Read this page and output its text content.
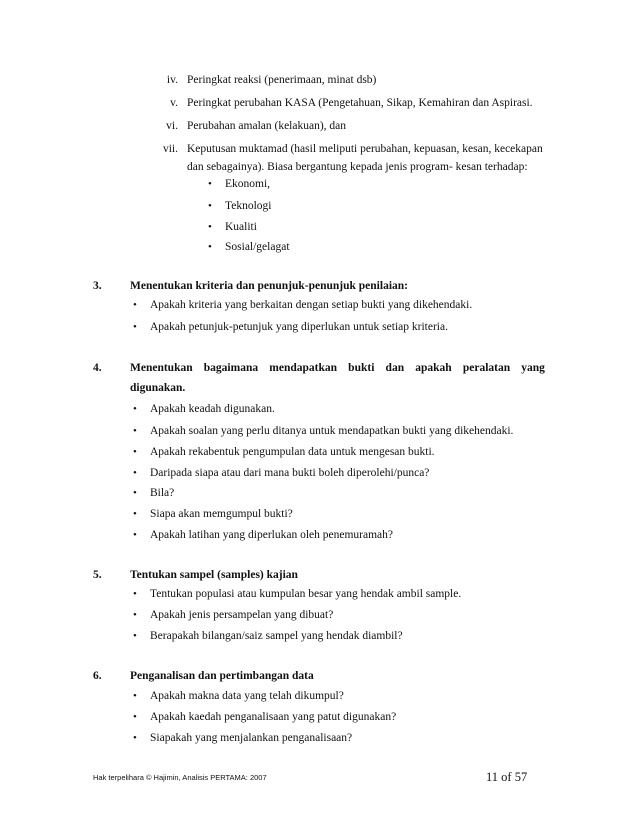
iv. Peringkat reaksi (penerimaan, minat dsb)
v. Peringkat perubahan KASA (Pengetahuan, Sikap, Kemahiran dan Aspirasi.
vi. Perubahan amalan (kelakuan), dan
vii. Keputusan muktamad (hasil meliputi perubahan, kepuasan, kesan, kecekapan
dan sebagainya). Biasa bergantung kepada jenis program- kesan terhadap:
• Ekonomi,
• Teknologi
• Kualiti
• Sosial/gelagat
3. Menentukan kriteria dan penunjuk-penunjuk penilaian:
• Apakah kriteria yang berkaitan dengan setiap bukti yang dikehendaki.
• Apakah petunjuk-petunjuk yang diperlukan untuk setiap kriteria.
4. Menentukan bagaimana mendapatkan bukti dan apakah peralatan yang
digunakan.
• Apakah keadah digunakan.
• Apakah soalan yang perlu ditanya untuk mendapatkan bukti yang dikehendaki.
• Apakah rekabentuk pengumpulan data untuk mengesan bukti.
• Daripada siapa atau dari mana bukti boleh diperolehi/punca?
• Bila?
• Siapa akan memgumpul bukti?
• Apakah latihan yang diperlukan oleh penemuramah?
5. Tentukan sampel (samples) kajian
• Tentukan populasi atau kumpulan besar yang hendak ambil sample.
• Apakah jenis persampelan yang dibuat?
• Berapakah bilangan/saiz sampel yang hendak diambil?
6. Penganalisan dan pertimbangan data
• Apakah makna data yang telah dikumpul?
• Apakah kaedah penganalisaan yang patut digunakan?
• Siapakah yang menjalankan penganalisaan?
Hak terpelihara © Hajimin, Analisis PERTAMA: 2007	11 of 57
